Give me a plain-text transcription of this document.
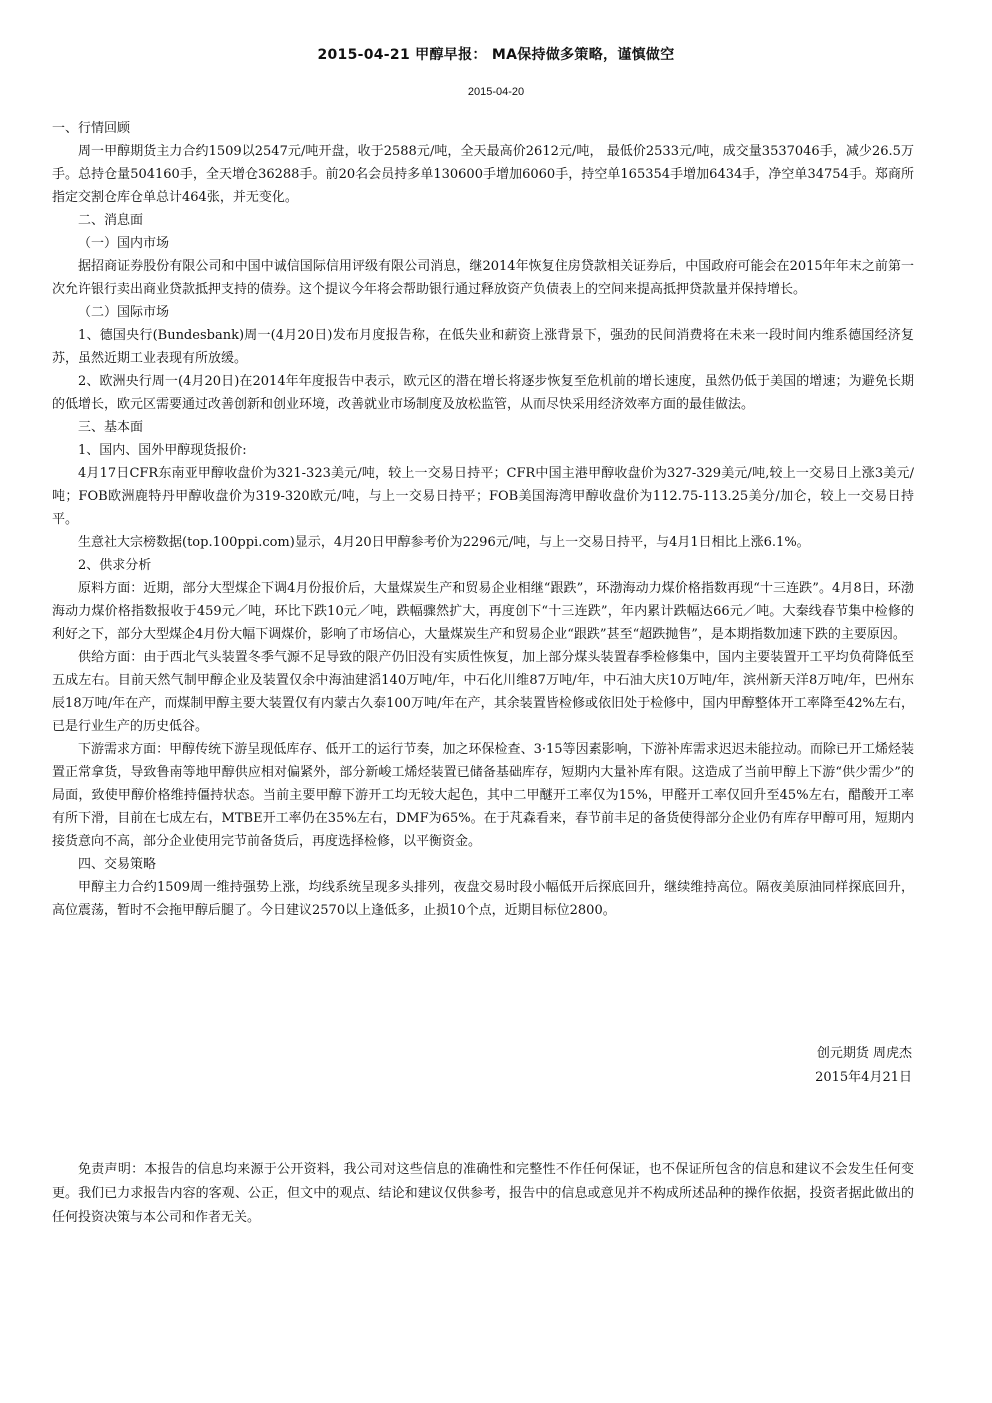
2015-04-21 甲醇早报： MA保持做多策略，谨慎做空
2015-04-20

一、行情回顾

周一甲醇期货主力合约1509以2547元/吨开盘，收于2588元/吨，全天最高价2612元/吨， 最低价2533元/吨，成交量3537046手，减少26.5万手。总持仓量504160手，全天增仓36288手。前20名会员持多单130600手增加6060手，持空单165354手增加6434手，净空单34754手。郑商所指定交割仓库仓单总计464张，并无变化。

二、消息面

（一）国内市场

据招商证券股份有限公司和中国中诚信国际信用评级有限公司消息，继2014年恢复住房贷款相关证券后，中国政府可能会在2015年年末之前第一次允许银行卖出商业贷款抵押支持的债券。这个提议今年将会帮助银行通过释放资产负债表上的空间来提高抵押贷款量并保持增长。

（二）国际市场

1、德国央行(Bundesbank)周一(4月20日)发布月度报告称，在低失业和薪资上涨背景下，强劲的民间消费将在未来一段时间内维系德国经济复苏，虽然近期工业表现有所放缓。

2、欧洲央行周一(4月20日)在2014年年度报告中表示，欧元区的潜在增长将逐步恢复至危机前的增长速度，虽然仍低于美国的增速；为避免长期的低增长，欧元区需要通过改善创新和创业环境，改善就业市场制度及放松监管，从而尽快采用经济效率方面的最佳做法。

三、基本面

1、国内、国外甲醇现货报价:

4月17日CFR东南亚甲醇收盘价为321-323美元/吨，较上一交易日持平；CFR中国主港甲醇收盘价为327-329美元/吨,较上一交易日上涨3美元/吨；FOB欧洲鹿特丹甲醇收盘价为319-320欧元/吨，与上一交易日持平；FOB美国海湾甲醇收盘价为112.75-113.25美分/加仑，较上一交易日持平。

生意社大宗榜数据(top.100ppi.com)显示，4月20日甲醇参考价为2296元/吨，与上一交易日持平，与4月1日相比上涨6.1%。

2、供求分析

原料方面：近期，部分大型煤企下调4月份报价后，大量煤炭生产和贸易企业相继“跟跌”，环渤海动力煤价格指数再现“十三连跌”。4月8日，环渤海动力煤价格指数报收于459元／吨，环比下跌10元／吨，跌幅骤然扩大，再度创下“十三连跌”，年内累计跌幅达66元／吨。大秦线春节集中检修的利好之下，部分大型煤企4月份大幅下调煤价，影响了市场信心，大量煤炭生产和贸易企业“跟跌”甚至“超跌抛售”，是本期指数加速下跌的主要原因。

供给方面：由于西北气头装置冬季气源不足导致的限产仍旧没有实质性恢复，加上部分煤头装置春季检修集中，国内主要装置开工平均负荷降低至五成左右。目前天然气制甲醇企业及装置仅余中海油建滔140万吨/年，中石化川维87万吨/年，中石油大庆10万吨/年，滨州新天洋8万吨/年，巴州东辰18万吨/年在产，而煤制甲醇主要大装置仅有内蒙古久泰100万吨/年在产，其余装置皆检修或依旧处于检修中，国内甲醇整体开工率降至42%左右，已是行业生产的历史低谷。

下游需求方面：甲醇传统下游呈现低库存、低开工的运行节奏，加之环保检查、3·15等因素影响，下游补库需求迟迟未能拉动。而除已开工烯烃装置正常拿货，导致鲁南等地甲醇供应相对偏紧外，部分新峻工烯烃装置已储备基础库存，短期内大量补库有限。这造成了当前甲醇上下游“供少需少”的局面，致使甲醇价格维持僵持状态。当前主要甲醇下游开工均无较大起色，其中二甲醚开工率仅为15%，甲醛开工率仅回升至45%左右，醋酸开工率有所下滑，目前在七成左右，MTBE开工率仍在35%左右，DMF为65%。在于芃森看来，春节前丰足的备货使得部分企业仍有库存甲醇可用，短期内接货意向不高，部分企业使用完节前备货后，再度选择检修，以平衡资金。

四、交易策略

甲醇主力合约1509周一维持强势上涨，均线系统呈现多头排列，夜盘交易时段小幅低开后探底回升，继续维持高位。隔夜美原油同样探底回升，高位震荡，暂时不会拖甲醇后腿了。今日建议2570以上逢低多，止损10个点，近期目标位2800。

创元期货 周虎杰
2015年4月21日

免责声明：本报告的信息均来源于公开资料，我公司对这些信息的准确性和完整性不作任何保证，也不保证所包含的信息和建议不会发生任何变更。我们已力求报告内容的客观、公正，但文中的观点、结论和建议仅供参考，报告中的信息或意见并不构成所述品种的操作依据，投资者据此做出的任何投资决策与本公司和作者无关。
